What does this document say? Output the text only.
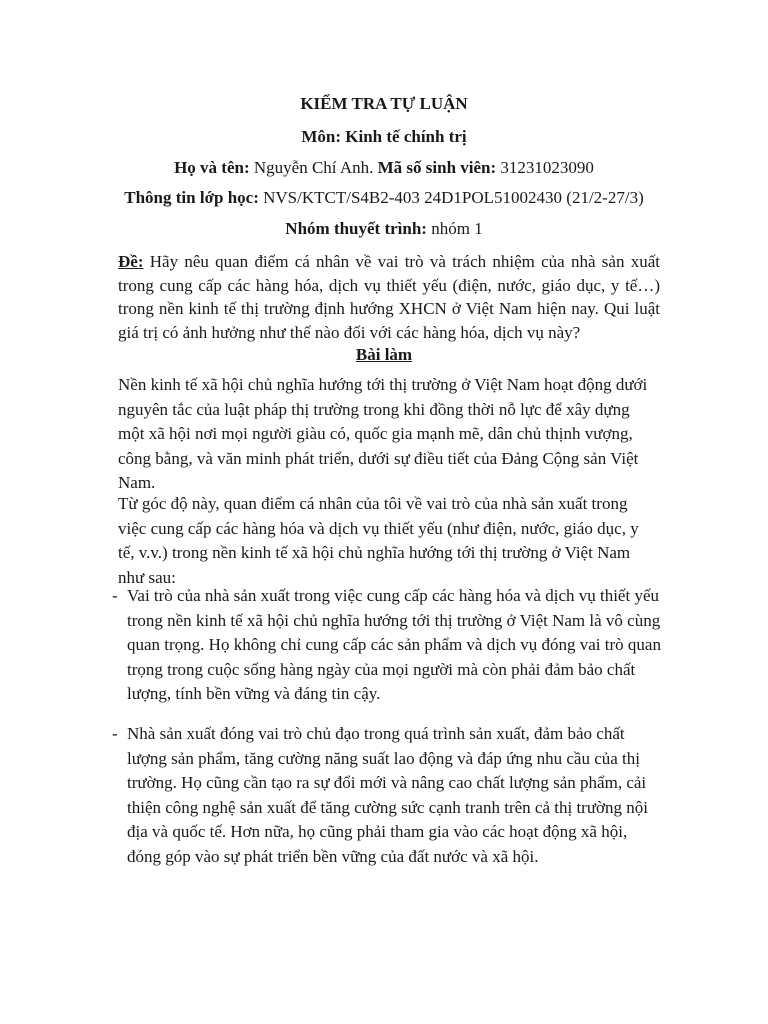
KIỂM TRA TỰ LUẬN
Môn: Kinh tế chính trị
Họ và tên: Nguyễn Chí Anh. Mã số sinh viên: 31231023090
Thông tin lớp học: NVS/KTCT/S4B2-403 24D1POL51002430 (21/2-27/3)
Nhóm thuyết trình: nhóm 1
Đề: Hãy nêu quan điểm cá nhân về vai trò và trách nhiệm của nhà sản xuất trong cung cấp các hàng hóa, dịch vụ thiết yếu (điện, nước, giáo dục, y tế…) trong nền kinh tế thị trường định hướng XHCN ở Việt Nam hiện nay. Qui luật giá trị có ảnh hưởng như thế nào đối với các hàng hóa, dịch vụ này?
Bài làm
Nền kinh tế xã hội chủ nghĩa hướng tới thị trường ở Việt Nam hoạt động dưới nguyên tắc của luật pháp thị trường trong khi đồng thời nỗ lực để xây dựng một xã hội nơi mọi người giàu có, quốc gia mạnh mẽ, dân chủ thịnh vượng, công bằng, và văn minh phát triển, dưới sự điều tiết của Đảng Cộng sản Việt Nam.
Từ góc độ này, quan điểm cá nhân của tôi về vai trò của nhà sản xuất trong việc cung cấp các hàng hóa và dịch vụ thiết yếu (như điện, nước, giáo dục, y tế, v.v.) trong nền kinh tế xã hội chủ nghĩa hướng tới thị trường ở Việt Nam như sau:
- Vai trò của nhà sản xuất trong việc cung cấp các hàng hóa và dịch vụ thiết yếu trong nền kinh tế xã hội chủ nghĩa hướng tới thị trường ở Việt Nam là vô cùng quan trọng. Họ không chỉ cung cấp các sản phẩm và dịch vụ đóng vai trò quan trọng trong cuộc sống hàng ngày của mọi người mà còn phải đảm bảo chất lượng, tính bền vững và đáng tin cậy.
- Nhà sản xuất đóng vai trò chủ đạo trong quá trình sản xuất, đảm bảo chất lượng sản phẩm, tăng cường năng suất lao động và đáp ứng nhu cầu của thị trường. Họ cũng cần tạo ra sự đổi mới và nâng cao chất lượng sản phẩm, cải thiện công nghệ sản xuất để tăng cường sức cạnh tranh trên cả thị trường nội địa và quốc tế. Hơn nữa, họ cũng phải tham gia vào các hoạt động xã hội, đóng góp vào sự phát triển bền vững của đất nước và xã hội.
